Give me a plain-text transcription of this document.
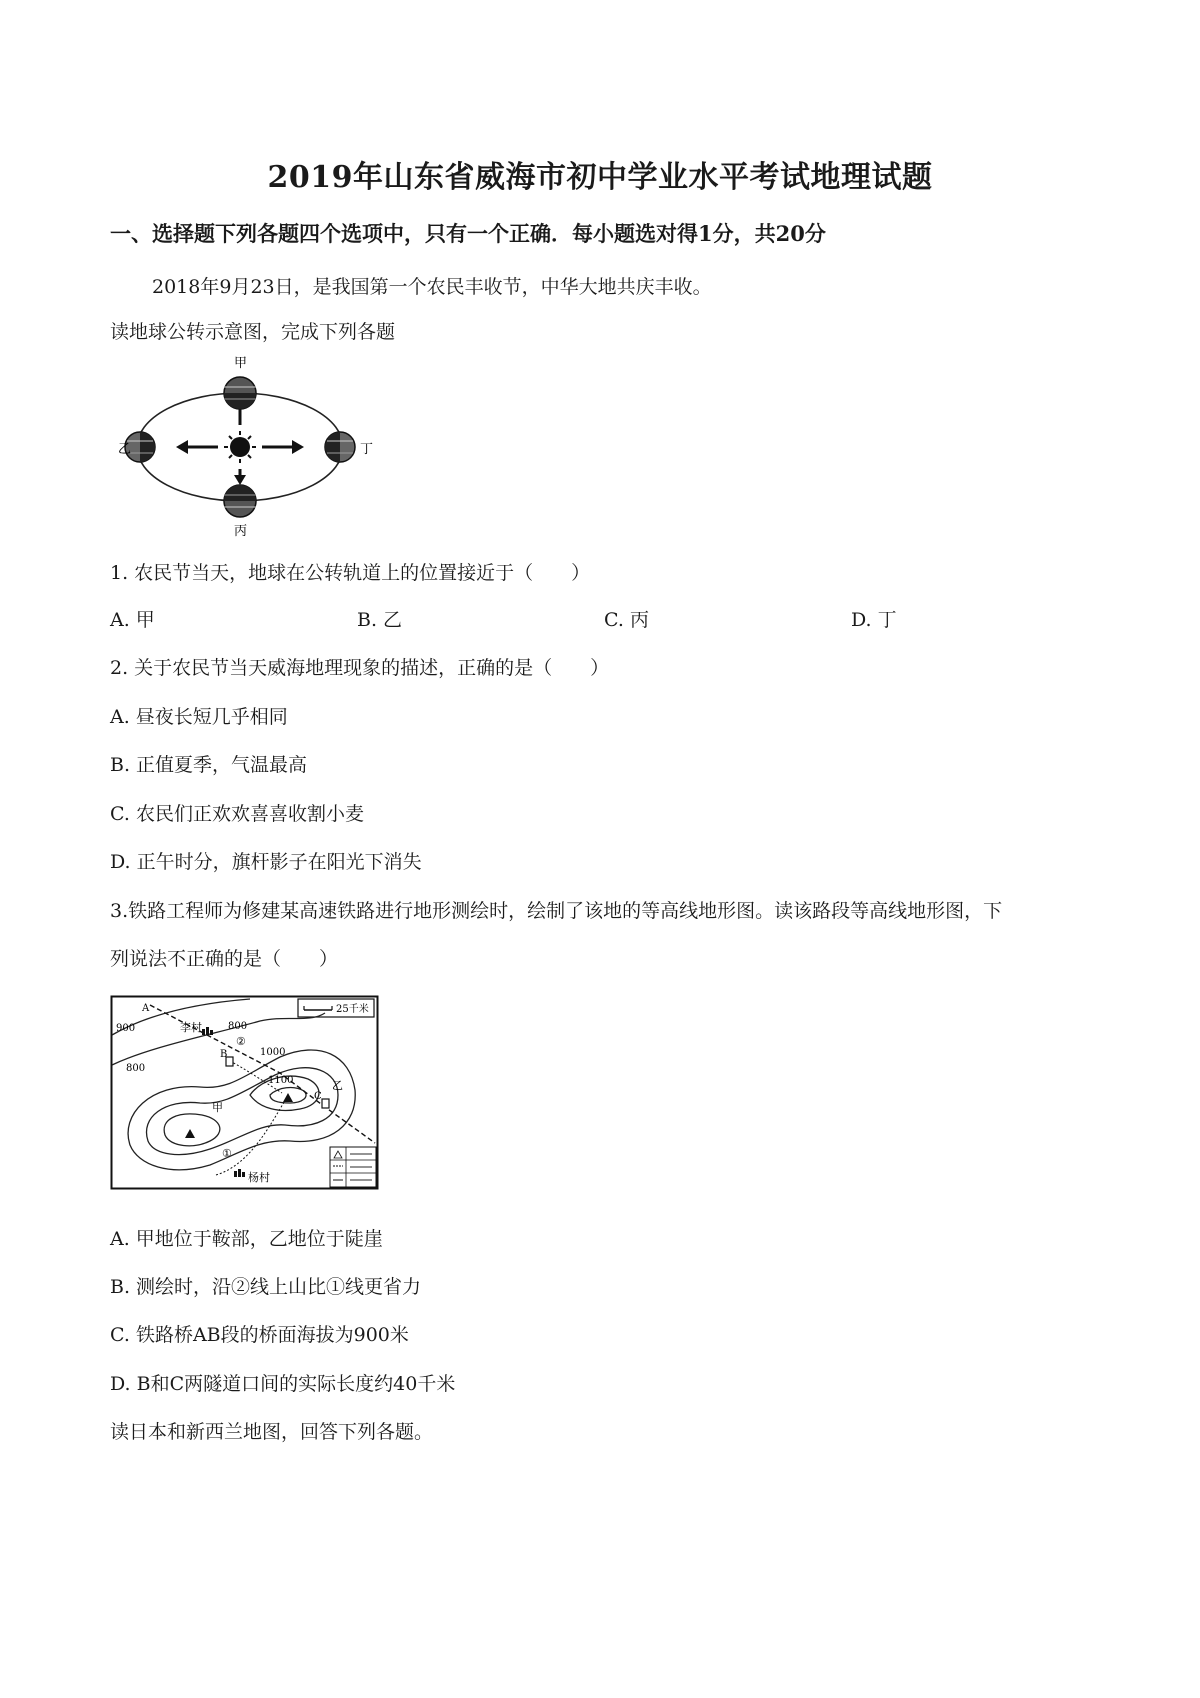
2019年山东省威海市初中学业水平考试地理试题
一、选择题下列各题四个选项中，只有一个正确．每小题选对得1分，共20分
2018年9月23日，是我国第一个农民丰收节，中华大地共庆丰收。
读地球公转示意图，完成下列各题
甲
乙	丁
丙
1. 农民节当天，地球在公转轨道上的位置接近于（　　）
A. 甲	B. 乙	C. 丙	D. 丁
2. 关于农民节当天威海地理现象的描述，正确的是（　　）
A. 昼夜长短几乎相同
B. 正值夏季，气温最高
C. 农民们正欢欢喜喜收割小麦
D. 正午时分，旗杆影子在阳光下消失
3.铁路工程师为修建某高速铁路进行地形测绘时，绘制了该地的等高线地形图。读该路段等高线地形图，下
列说法不正确的是（　　）
25千米
900
800
800
1000
1100
李村
杨村
甲
乙
①
②
A
B
C
A. 甲地位于鞍部，乙地位于陡崖
B. 测绘时，沿②线上山比①线更省力
C. 铁路桥AB段的桥面海拔为900米
D. B和C两隧道口间的实际长度约40千米
读日本和新西兰地图，回答下列各题。
